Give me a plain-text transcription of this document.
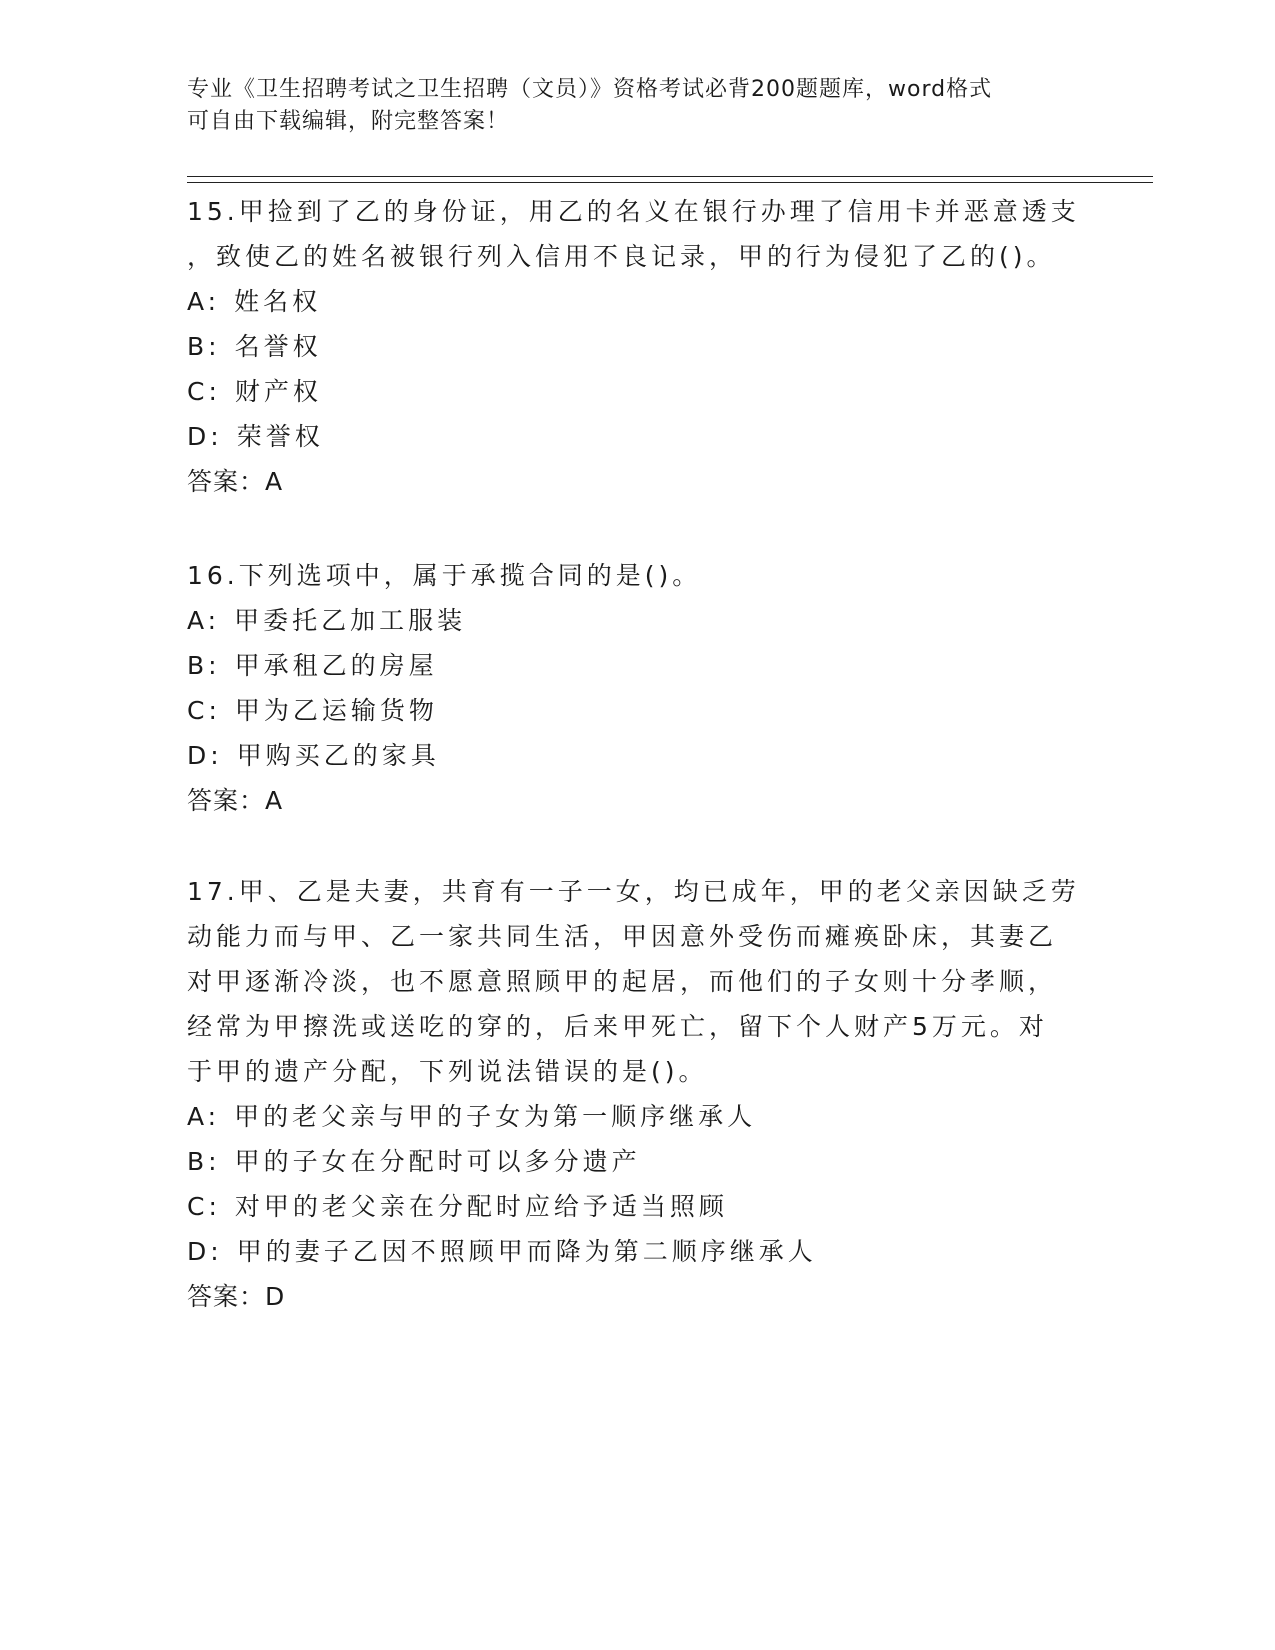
专业《卫生招聘考试之卫生招聘（文员）》资格考试必背200题题库，word格式
可自由下载编辑，附完整答案！

15.甲捡到了乙的身份证，用乙的名义在银行办理了信用卡并恶意透支

，致使乙的姓名被银行列入信用不良记录，甲的行为侵犯了乙的()。

A: 姓名权

B: 名誉权

C: 财产权

D: 荣誉权

答案：A

16.下列选项中，属于承揽合同的是()。

A: 甲委托乙加工服装

B: 甲承租乙的房屋

C: 甲为乙运输货物

D: 甲购买乙的家具

答案：A

17.甲、乙是夫妻，共育有一子一女，均已成年，甲的老父亲因缺乏劳

动能力而与甲、乙一家共同生活，甲因意外受伤而瘫痪卧床，其妻乙

对甲逐渐冷淡，也不愿意照顾甲的起居，而他们的子女则十分孝顺，

经常为甲擦洗或送吃的穿的，后来甲死亡，留下个人财产5万元。对

于甲的遗产分配，下列说法错误的是()。

A: 甲的老父亲与甲的子女为第一顺序继承人

B: 甲的子女在分配时可以多分遗产

C: 对甲的老父亲在分配时应给予适当照顾

D: 甲的妻子乙因不照顾甲而降为第二顺序继承人

答案：D
